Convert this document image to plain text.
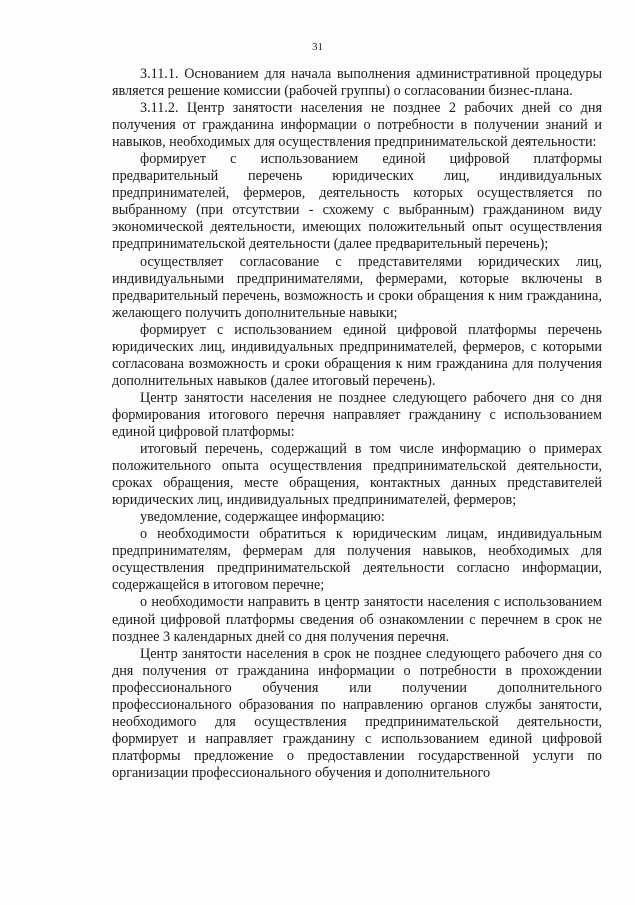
31

3.11.1. Основанием для начала выполнения административной процедуры является решение комиссии (рабочей группы) о согласовании бизнес-плана.

3.11.2. Центр занятости населения не позднее 2 рабочих дней со дня получения от гражданина информации о потребности в получении знаний и навыков, необходимых для осуществления предпринимательской деятельности:

формирует с использованием единой цифровой платформы предварительный перечень юридических лиц, индивидуальных предпринимателей, фермеров, деятельность которых осуществляется по выбранному (при отсутствии - схожему с выбранным) гражданином виду экономической деятельности, имеющих положительный опыт осуществления предпринимательской деятельности (далее предварительный перечень);

осуществляет согласование с представителями юридических лиц, индивидуальными предпринимателями, фермерами, которые включены в предварительный перечень, возможность и сроки обращения к ним гражданина, желающего получить дополнительные навыки;

формирует с использованием единой цифровой платформы перечень юридических лиц, индивидуальных предпринимателей, фермеров, с которыми согласована возможность и сроки обращения к ним гражданина для получения дополнительных навыков (далее итоговый перечень).

Центр занятости населения не позднее следующего рабочего дня со дня формирования итогового перечня направляет гражданину с использованием единой цифровой платформы:

итоговый перечень, содержащий в том числе информацию о примерах положительного опыта осуществления предпринимательской деятельности, сроках обращения, месте обращения, контактных данных представителей юридических лиц, индивидуальных предпринимателей, фермеров;

уведомление, содержащее информацию:

о необходимости обратиться к юридическим лицам, индивидуальным предпринимателям, фермерам для получения навыков, необходимых для осуществления предпринимательской деятельности согласно информации, содержащейся в итоговом перечне;

о необходимости направить в центр занятости населения с использованием единой цифровой платформы сведения об ознакомлении с перечнем в срок не позднее 3 календарных дней со дня получения перечня.

Центр занятости населения в срок не позднее следующего рабочего дня со дня получения от гражданина информации о потребности в прохождении профессионального обучения или получении дополнительного профессионального образования по направлению органов службы занятости, необходимого для осуществления предпринимательской деятельности, формирует и направляет гражданину с использованием единой цифровой платформы предложение о предоставлении государственной услуги по организации профессионального обучения и дополнительного
